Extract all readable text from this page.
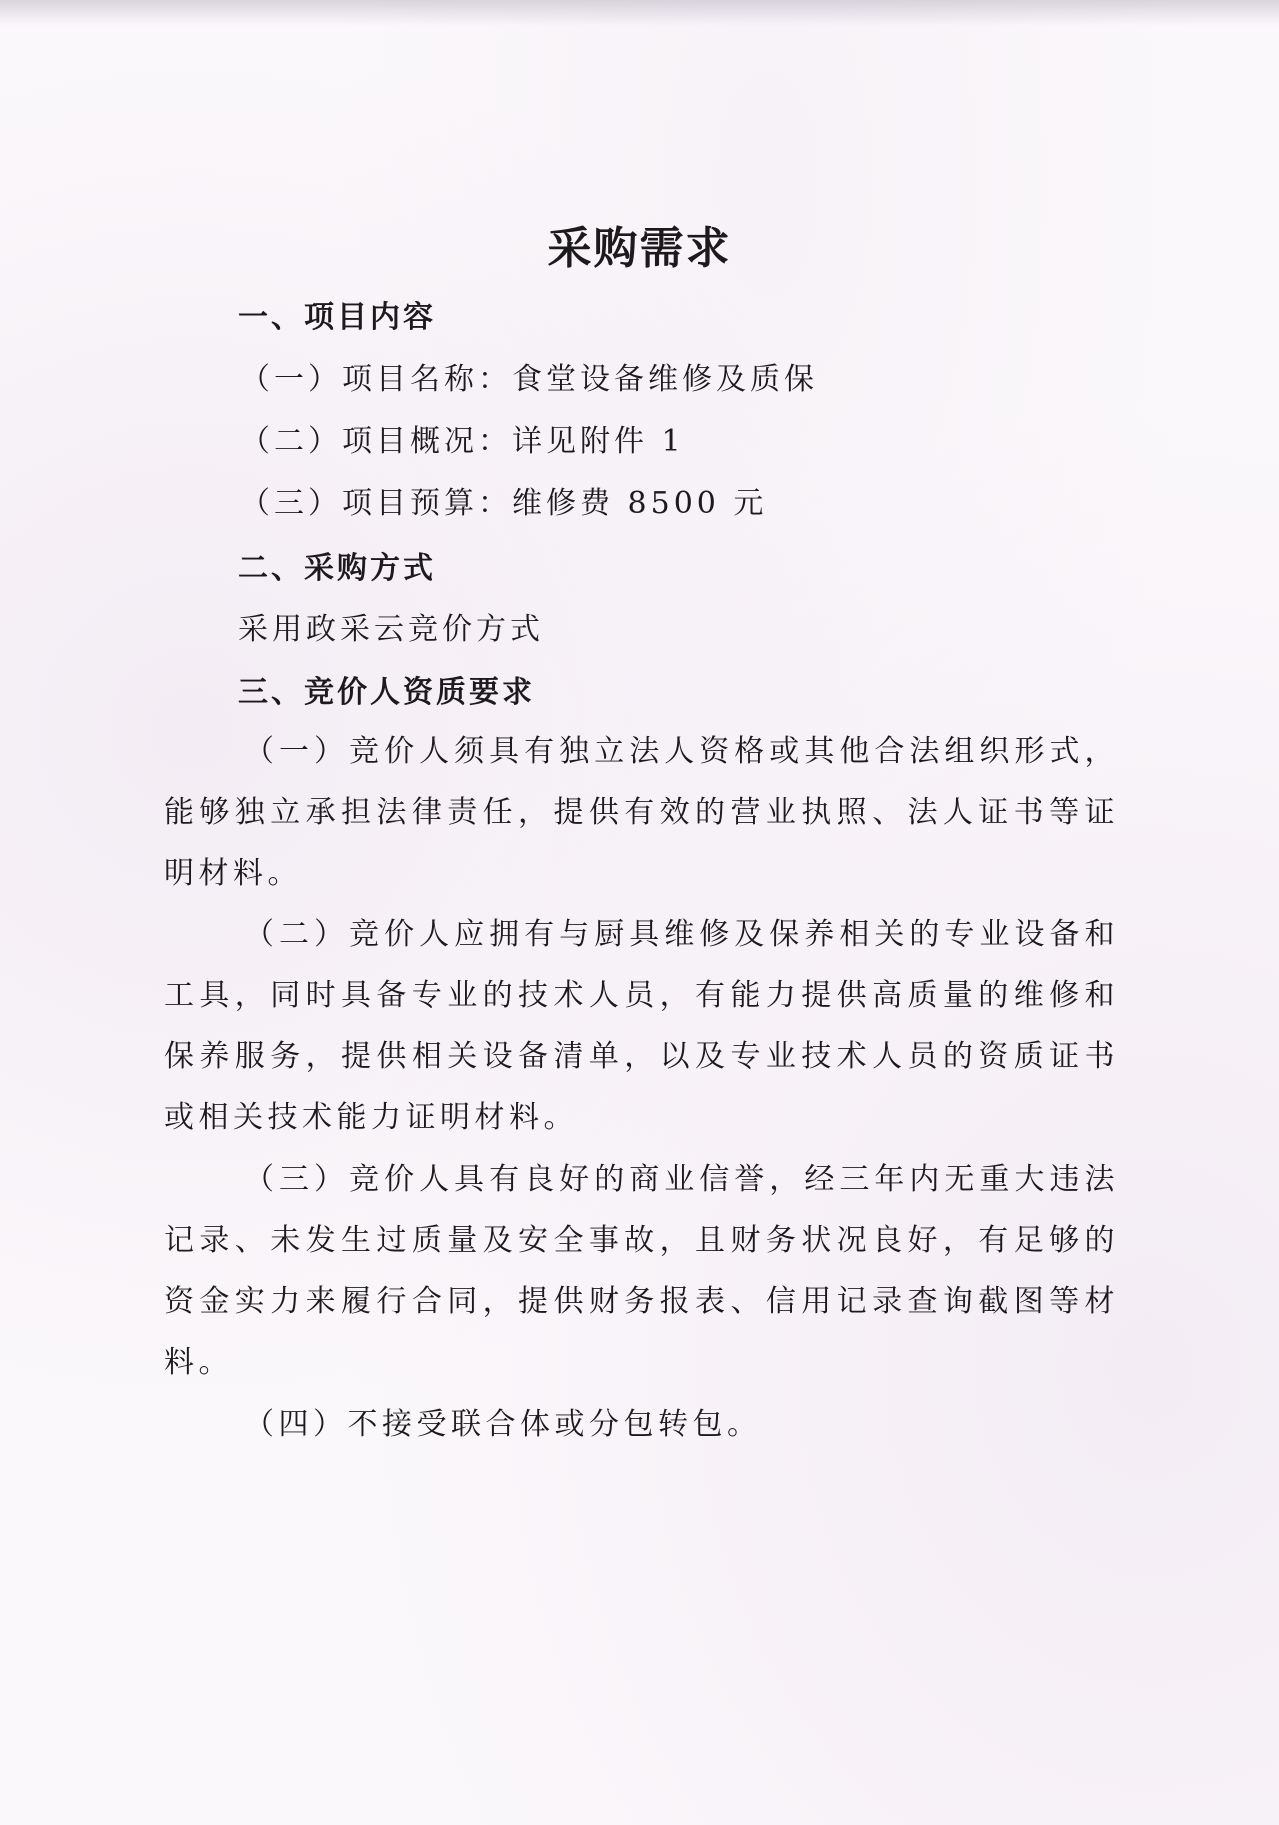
采购需求
一、项目内容
（一）项目名称：食堂设备维修及质保
（二）项目概况：详见附件 1
（三）项目预算：维修费 8500 元
二、采购方式
采用政采云竞价方式
三、竞价人资质要求
（一）竞价人须具有独立法人资格或其他合法组织形式，能够独立承担法律责任，提供有效的营业执照、法人证书等证明材料。
（二）竞价人应拥有与厨具维修及保养相关的专业设备和工具，同时具备专业的技术人员，有能力提供高质量的维修和保养服务，提供相关设备清单，以及专业技术人员的资质证书或相关技术能力证明材料。
（三）竞价人具有良好的商业信誉，经三年内无重大违法记录、未发生过质量及安全事故，且财务状况良好，有足够的资金实力来履行合同，提供财务报表、信用记录查询截图等材料。
（四）不接受联合体或分包转包。
